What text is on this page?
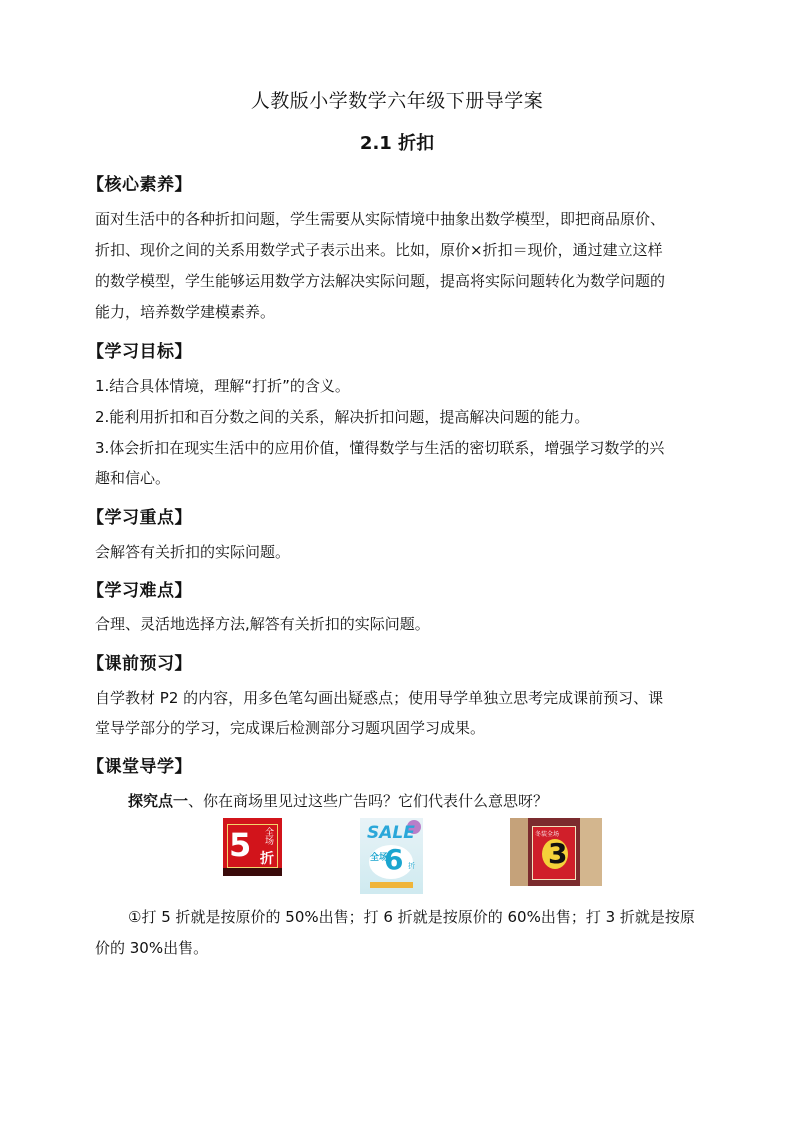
人教版小学数学六年级下册导学案
2.1 折扣
【核心素养】
面对生活中的各种折扣问题，学生需要从实际情境中抽象出数学模型，即把商品原价、
折扣、现价之间的关系用数学式子表示出来。比如，原价×折扣＝现价，通过建立这样
的数学模型，学生能够运用数学方法解决实际问题，提高将实际问题转化为数学问题的
能力，培养数学建模素养。
【学习目标】
1.结合具体情境，理解“打折”的含义。
2.能利用折扣和百分数之间的关系，解决折扣问题，提高解决问题的能力。
3.体会折扣在现实生活中的应用价值，懂得数学与生活的密切联系，增强学习数学的兴
趣和信心。
【学习重点】
会解答有关折扣的实际问题。
【学习难点】
合理、灵活地选择方法,解答有关折扣的实际问题。
【课前预习】
自学教材 P2 的内容，用多色笔勾画出疑惑点；使用导学单独立思考完成课前预习、课
堂导学部分的学习，完成课后检测部分习题巩固学习成果。
【课堂导学】
探究点一、你在商场里见过这些广告吗？它们代表什么意思呀？
5 全
场
折
SALE
全场
6 折
冬装全场
3
①打 5 折就是按原价的 50%出售；打 6 折就是按原价的 60%出售；打 3 折就是按原
价的 30%出售。
